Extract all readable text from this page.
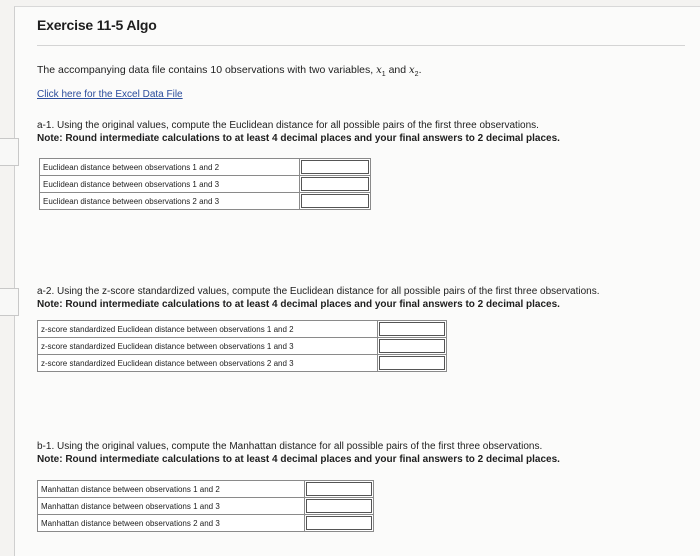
Exercise 11-5 Algo
The accompanying data file contains 10 observations with two variables, $x_1$ and $x_2$.
Click here for the Excel Data File
a-1. Using the original values, compute the Euclidean distance for all possible pairs of the first three observations.
Note: Round intermediate calculations to at least 4 decimal places and your final answers to 2 decimal places.
Euclidean distance between observations 1 and 2	

Euclidean distance between observations 1 and 3	

Euclidean distance between observations 2 and 3	
a-2. Using the z-score standardized values, compute the Euclidean distance for all possible pairs of the first three observations.
Note: Round intermediate calculations to at least 4 decimal places and your final answers to 2 decimal places.
z-score standardized Euclidean distance between observations 1 and 2	

z-score standardized Euclidean distance between observations 1 and 3	

z-score standardized Euclidean distance between observations 2 and 3	
b-1. Using the original values, compute the Manhattan distance for all possible pairs of the first three observations.
Note: Round intermediate calculations to at least 4 decimal places and your final answers to 2 decimal places.
Manhattan distance between observations 1 and 2	

Manhattan distance between observations 1 and 3	

Manhattan distance between observations 2 and 3	
